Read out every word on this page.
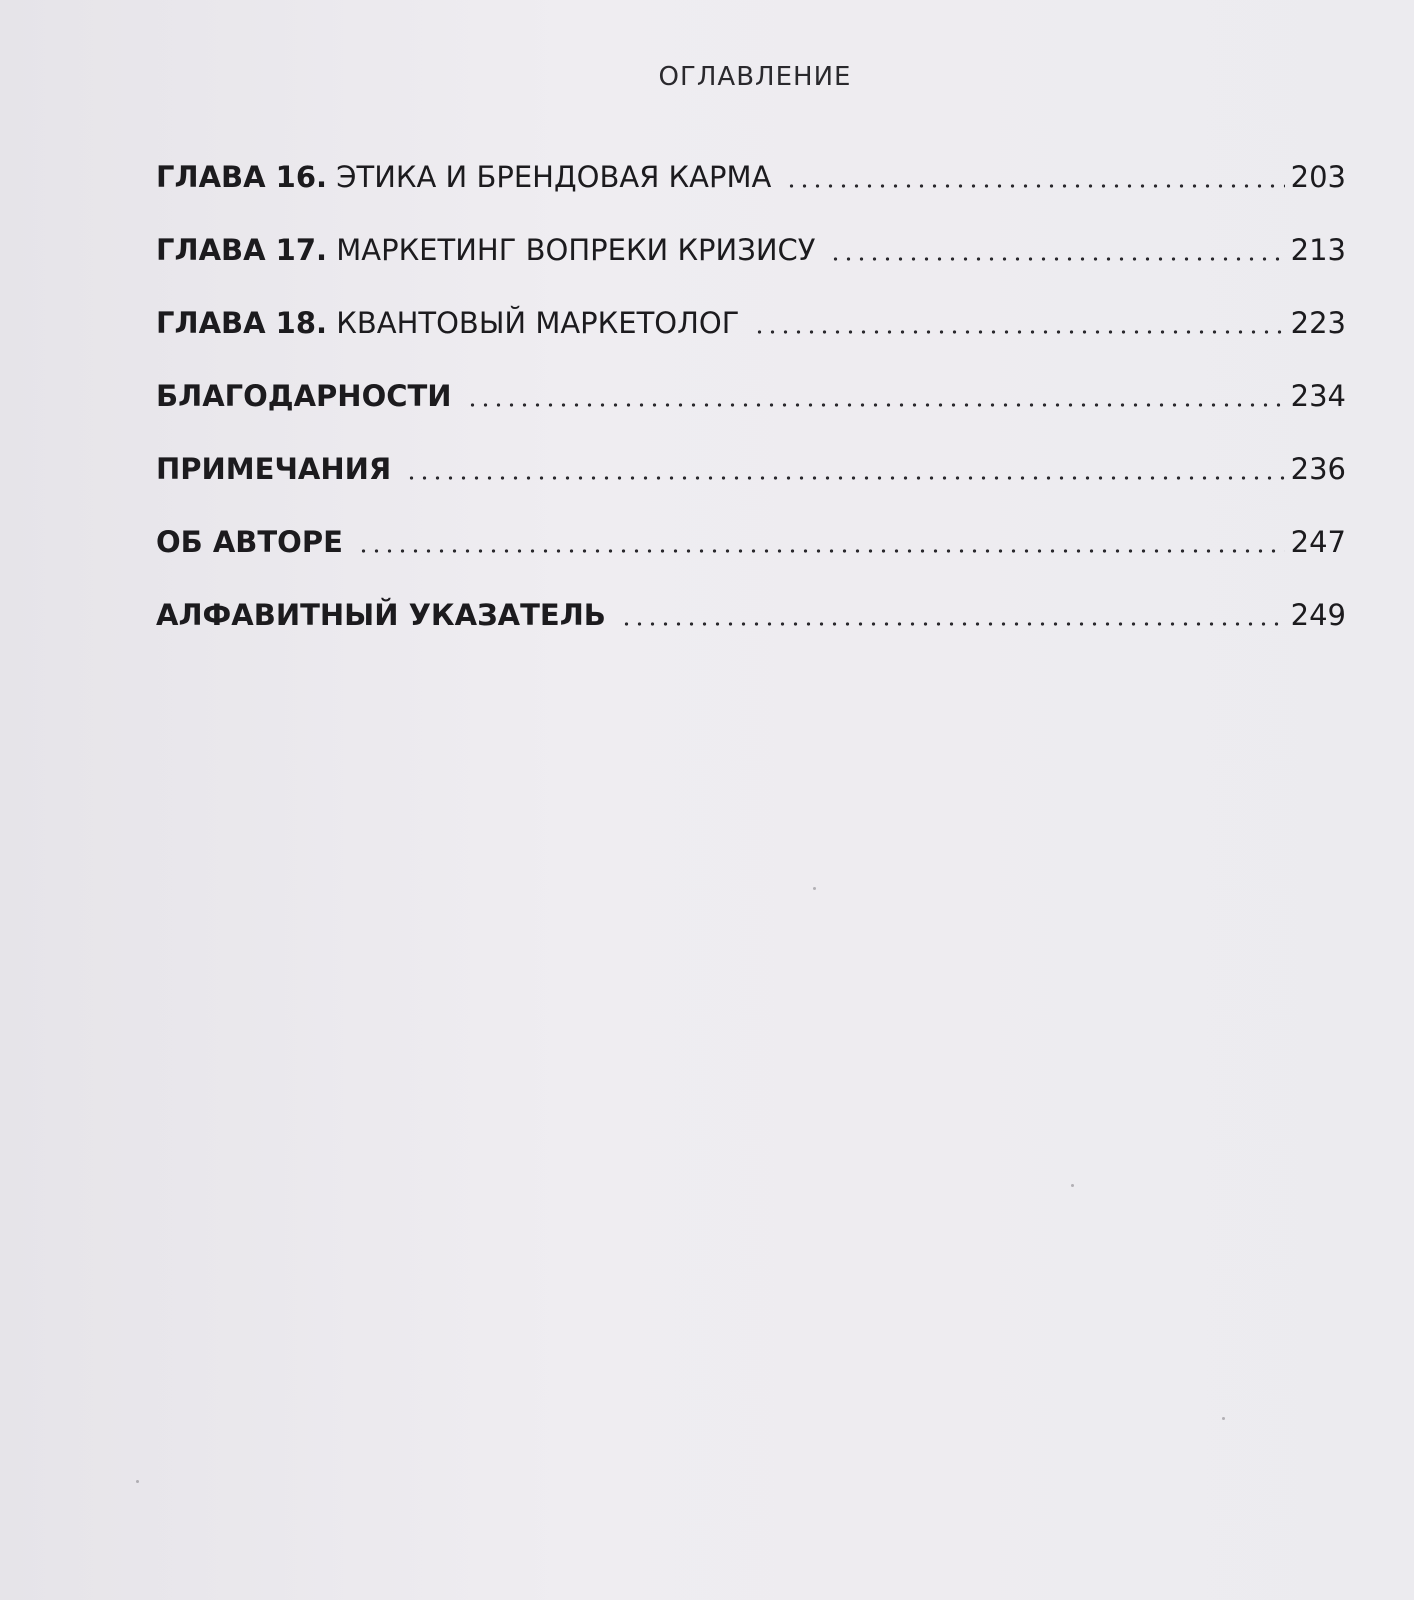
ОГЛАВЛЕНИЕ
ГЛАВА 16. ЭТИКА И БРЕНДОВАЯ КАРМА	203
ГЛАВА 17. МАРКЕТИНГ ВОПРЕКИ КРИЗИСУ	213
ГЛАВА 18. КВАНТОВЫЙ МАРКЕТОЛОГ	223
БЛАГОДАРНОСТИ	234
ПРИМЕЧАНИЯ	236
ОБ АВТОРЕ	247
АЛФАВИТНЫЙ УКАЗАТЕЛЬ	249
